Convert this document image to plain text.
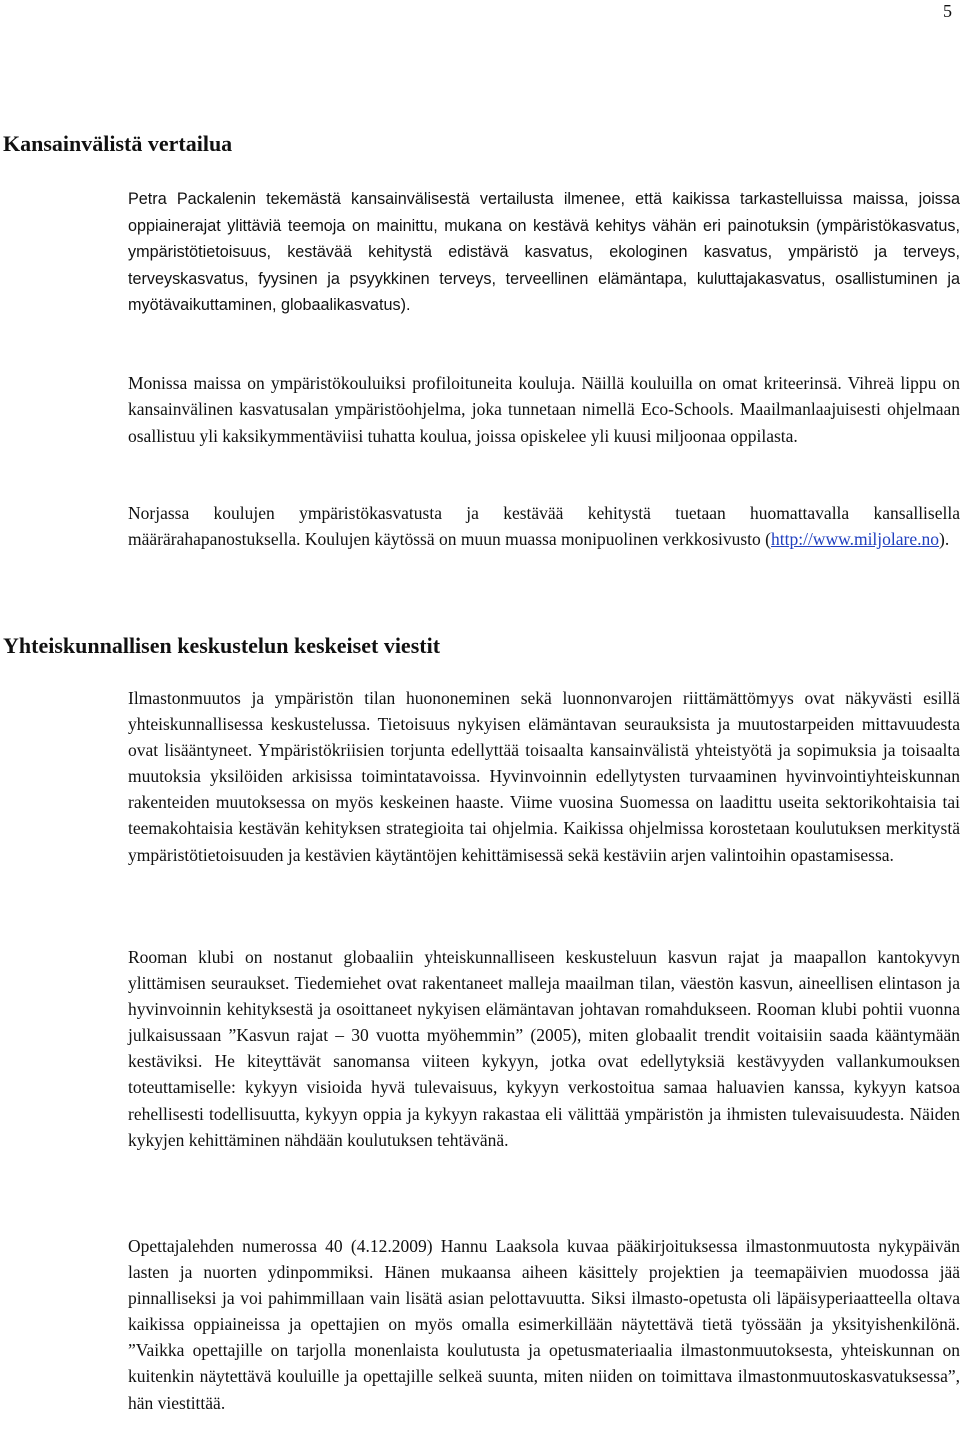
5
Kansainvälistä vertailua

Petra Packalenin tekemästä kansainvälisestä vertailusta ilmenee, että kaikissa tarkastelluissa maissa, joissa oppiainerajat ylittäviä teemoja on mainittu, mukana on kestävä kehitys vähän eri painotuksin (ympäristökasvatus, ympäristötietoisuus, kestävää kehitystä edistävä kasvatus, ekologinen kasvatus, ympäristö ja terveys, terveyskasvatus, fyysinen ja psyykkinen terveys, terveellinen elämäntapa, kuluttajakasvatus, osallistuminen ja myötävaikuttaminen, globaalikasvatus).

Monissa maissa on ympäristökouluiksi profiloituneita kouluja. Näillä kouluilla on omat kriteerinsä. Vihreä lippu on kansainvälinen kasvatusalan ympäristöohjelma, joka tunnetaan nimellä Eco-Schools. Maailmanlaajuisesti ohjelmaan osallistuu yli kaksikymmentäviisi tuhatta koulua, joissa opiskelee yli kuusi miljoonaa oppilasta.

Norjassa koulujen ympäristökasvatusta ja kestävää kehitystä tuetaan huomattavalla kansallisella määrärahapanostuksella. Koulujen käytössä on muun muassa monipuolinen verkkosivusto (http://www.miljolare.no).

Yhteiskunnallisen keskustelun keskeiset viestit

Ilmastonmuutos ja ympäristön tilan huononeminen sekä luonnonvarojen riittämättömyys ovat näkyvästi esillä yhteiskunnallisessa keskustelussa. Tietoisuus nykyisen elämäntavan seurauksista ja muutostarpeiden mittavuudesta ovat lisääntyneet. Ympäristökriisien torjunta edellyttää toisaalta kansainvälistä yhteistyötä ja sopimuksia ja toisaalta muutoksia yksilöiden arkisissa toimintatavoissa. Hyvinvoinnin edellytysten turvaaminen hyvinvointiyhteiskunnan rakenteiden muutoksessa on myös keskeinen haaste. Viime vuosina Suomessa on laadittu useita sektorikohtaisia tai teemakohtaisia kestävän kehityksen strategioita tai ohjelmia. Kaikissa ohjelmissa korostetaan koulutuksen merkitystä ympäristötietoisuuden ja kestävien käytäntöjen kehittämisessä sekä kestäviin arjen valintoihin opastamisessa.

Rooman klubi on nostanut globaaliin yhteiskunnalliseen keskusteluun kasvun rajat ja maapallon kantokyvyn ylittämisen seuraukset. Tiedemiehet ovat rakentaneet malleja maailman tilan, väestön kasvun, aineellisen elintason ja hyvinvoinnin kehityksestä ja osoittaneet nykyisen elämäntavan johtavan romahdukseen. Rooman klubi pohtii vuonna julkaisussaan ”Kasvun rajat – 30 vuotta myöhemmin” (2005), miten globaalit trendit voitaisiin saada kääntymään kestäviksi. He kiteyttävät sanomansa viiteen kykyyn, jotka ovat edellytyksiä kestävyyden vallankumouksen toteuttamiselle: kykyyn visioida hyvä tulevaisuus, kykyyn verkostoitua samaa haluavien kanssa, kykyyn katsoa rehellisesti todellisuutta, kykyyn oppia ja kykyyn rakastaa eli välittää ympäristön ja ihmisten tulevaisuudesta. Näiden kykyjen kehittäminen nähdään koulutuksen tehtävänä.

Opettajalehden numerossa 40 (4.12.2009) Hannu Laaksola kuvaa pääkirjoituksessa ilmastonmuutosta nykypäivän lasten ja nuorten ydinpommiksi. Hänen mukaansa aiheen käsittely projektien ja teemapäivien muodossa jää pinnalliseksi ja voi pahimmillaan vain lisätä asian pelottavuutta. Siksi ilmasto-opetusta oli läpäisyperiaatteella oltava kaikissa oppiaineissa ja opettajien on myös omalla esimerkillään näytettävä tietä työssään ja yksityishenkilönä. ”Vaikka opettajille on tarjolla monenlaista koulutusta ja opetusmateriaalia ilmastonmuutoksesta, yhteiskunnan on kuitenkin näytettävä kouluille ja opettajille selkeä suunta, miten niiden on toimittava ilmastonmuutoskasvatuksessa”, hän viestittää.
